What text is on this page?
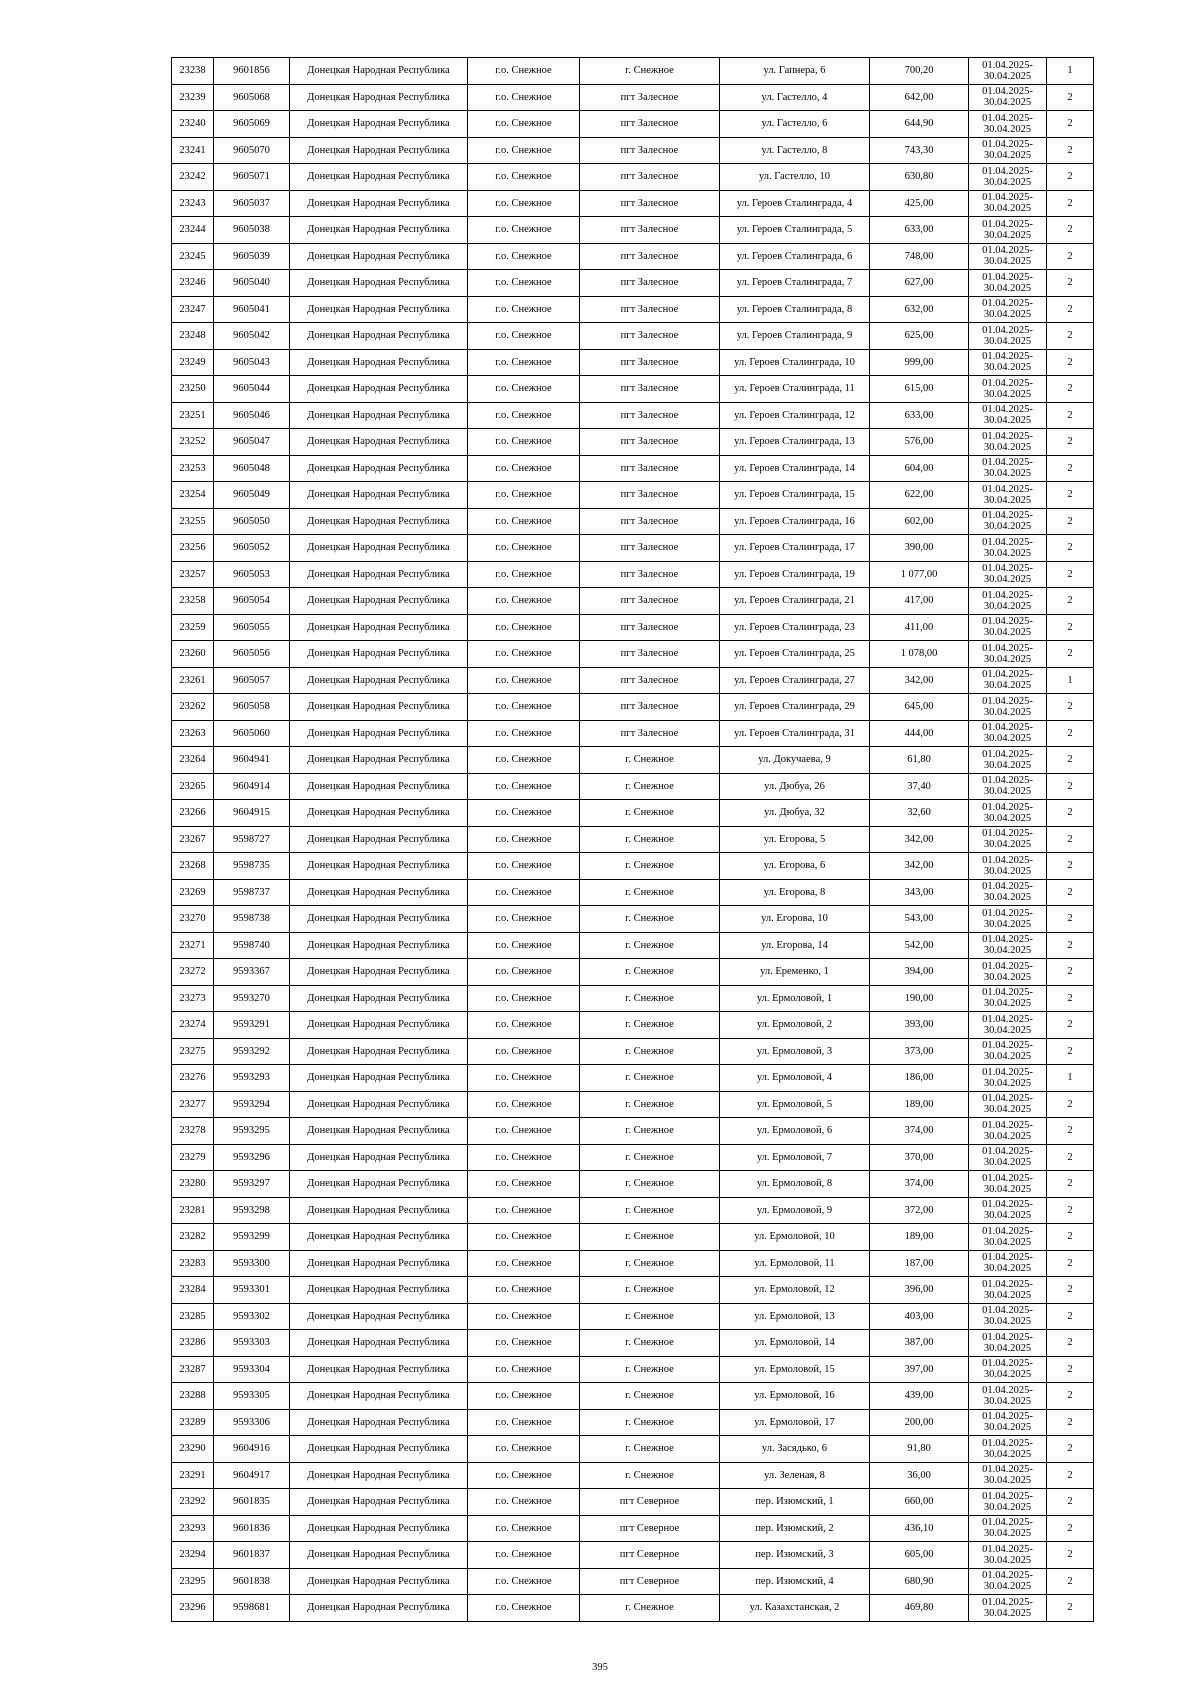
23238	9601856	Донецкая Народная Республика	г.о. Снежное	г. Снежное	ул. Гапнера, 6	700,20	01.04.2025-
30.04.2025	1
23239	9605068	Донецкая Народная Республика	г.о. Снежное	пгт Залесное	ул. Гастелло, 4	642,00	01.04.2025-
30.04.2025	2
23240	9605069	Донецкая Народная Республика	г.о. Снежное	пгт Залесное	ул. Гастелло, 6	644,90	01.04.2025-
30.04.2025	2
23241	9605070	Донецкая Народная Республика	г.о. Снежное	пгт Залесное	ул. Гастелло, 8	743,30	01.04.2025-
30.04.2025	2
23242	9605071	Донецкая Народная Республика	г.о. Снежное	пгт Залесное	ул. Гастелло, 10	630,80	01.04.2025-
30.04.2025	2
23243	9605037	Донецкая Народная Республика	г.о. Снежное	пгт Залесное	ул. Героев Сталинграда, 4	425,00	01.04.2025-
30.04.2025	2
23244	9605038	Донецкая Народная Республика	г.о. Снежное	пгт Залесное	ул. Героев Сталинграда, 5	633,00	01.04.2025-
30.04.2025	2
23245	9605039	Донецкая Народная Республика	г.о. Снежное	пгт Залесное	ул. Героев Сталинграда, 6	748,00	01.04.2025-
30.04.2025	2
23246	9605040	Донецкая Народная Республика	г.о. Снежное	пгт Залесное	ул. Героев Сталинграда, 7	627,00	01.04.2025-
30.04.2025	2
23247	9605041	Донецкая Народная Республика	г.о. Снежное	пгт Залесное	ул. Героев Сталинграда, 8	632,00	01.04.2025-
30.04.2025	2
23248	9605042	Донецкая Народная Республика	г.о. Снежное	пгт Залесное	ул. Героев Сталинграда, 9	625,00	01.04.2025-
30.04.2025	2
23249	9605043	Донецкая Народная Республика	г.о. Снежное	пгт Залесное	ул. Героев Сталинграда, 10	999,00	01.04.2025-
30.04.2025	2
23250	9605044	Донецкая Народная Республика	г.о. Снежное	пгт Залесное	ул. Героев Сталинграда, 11	615,00	01.04.2025-
30.04.2025	2
23251	9605046	Донецкая Народная Республика	г.о. Снежное	пгт Залесное	ул. Героев Сталинграда, 12	633,00	01.04.2025-
30.04.2025	2
23252	9605047	Донецкая Народная Республика	г.о. Снежное	пгт Залесное	ул. Героев Сталинграда, 13	576,00	01.04.2025-
30.04.2025	2
23253	9605048	Донецкая Народная Республика	г.о. Снежное	пгт Залесное	ул. Героев Сталинграда, 14	604,00	01.04.2025-
30.04.2025	2
23254	9605049	Донецкая Народная Республика	г.о. Снежное	пгт Залесное	ул. Героев Сталинграда, 15	622,00	01.04.2025-
30.04.2025	2
23255	9605050	Донецкая Народная Республика	г.о. Снежное	пгт Залесное	ул. Героев Сталинграда, 16	602,00	01.04.2025-
30.04.2025	2
23256	9605052	Донецкая Народная Республика	г.о. Снежное	пгт Залесное	ул. Героев Сталинграда, 17	390,00	01.04.2025-
30.04.2025	2
23257	9605053	Донецкая Народная Республика	г.о. Снежное	пгт Залесное	ул. Героев Сталинграда, 19	1 077,00	01.04.2025-
30.04.2025	2
23258	9605054	Донецкая Народная Республика	г.о. Снежное	пгт Залесное	ул. Героев Сталинграда, 21	417,00	01.04.2025-
30.04.2025	2
23259	9605055	Донецкая Народная Республика	г.о. Снежное	пгт Залесное	ул. Героев Сталинграда, 23	411,00	01.04.2025-
30.04.2025	2
23260	9605056	Донецкая Народная Республика	г.о. Снежное	пгт Залесное	ул. Героев Сталинграда, 25	1 078,00	01.04.2025-
30.04.2025	2
23261	9605057	Донецкая Народная Республика	г.о. Снежное	пгт Залесное	ул. Героев Сталинграда, 27	342,00	01.04.2025-
30.04.2025	1
23262	9605058	Донецкая Народная Республика	г.о. Снежное	пгт Залесное	ул. Героев Сталинграда, 29	645,00	01.04.2025-
30.04.2025	2
23263	9605060	Донецкая Народная Республика	г.о. Снежное	пгт Залесное	ул. Героев Сталинграда, 31	444,00	01.04.2025-
30.04.2025	2
23264	9604941	Донецкая Народная Республика	г.о. Снежное	г. Снежное	ул. Докучаева, 9	61,80	01.04.2025-
30.04.2025	2
23265	9604914	Донецкая Народная Республика	г.о. Снежное	г. Снежное	ул. Дюбуа, 26	37,40	01.04.2025-
30.04.2025	2
23266	9604915	Донецкая Народная Республика	г.о. Снежное	г. Снежное	ул. Дюбуа, 32	32,60	01.04.2025-
30.04.2025	2
23267	9598727	Донецкая Народная Республика	г.о. Снежное	г. Снежное	ул. Егорова, 5	342,00	01.04.2025-
30.04.2025	2
23268	9598735	Донецкая Народная Республика	г.о. Снежное	г. Снежное	ул. Егорова, 6	342,00	01.04.2025-
30.04.2025	2
23269	9598737	Донецкая Народная Республика	г.о. Снежное	г. Снежное	ул. Егорова, 8	343,00	01.04.2025-
30.04.2025	2
23270	9598738	Донецкая Народная Республика	г.о. Снежное	г. Снежное	ул. Егорова, 10	543,00	01.04.2025-
30.04.2025	2
23271	9598740	Донецкая Народная Республика	г.о. Снежное	г. Снежное	ул. Егорова, 14	542,00	01.04.2025-
30.04.2025	2
23272	9593367	Донецкая Народная Республика	г.о. Снежное	г. Снежное	ул. Еременко, 1	394,00	01.04.2025-
30.04.2025	2
23273	9593270	Донецкая Народная Республика	г.о. Снежное	г. Снежное	ул. Ермоловой, 1	190,00	01.04.2025-
30.04.2025	2
23274	9593291	Донецкая Народная Республика	г.о. Снежное	г. Снежное	ул. Ермоловой, 2	393,00	01.04.2025-
30.04.2025	2
23275	9593292	Донецкая Народная Республика	г.о. Снежное	г. Снежное	ул. Ермоловой, 3	373,00	01.04.2025-
30.04.2025	2
23276	9593293	Донецкая Народная Республика	г.о. Снежное	г. Снежное	ул. Ермоловой, 4	186,00	01.04.2025-
30.04.2025	1
23277	9593294	Донецкая Народная Республика	г.о. Снежное	г. Снежное	ул. Ермоловой, 5	189,00	01.04.2025-
30.04.2025	2
23278	9593295	Донецкая Народная Республика	г.о. Снежное	г. Снежное	ул. Ермоловой, 6	374,00	01.04.2025-
30.04.2025	2
23279	9593296	Донецкая Народная Республика	г.о. Снежное	г. Снежное	ул. Ермоловой, 7	370,00	01.04.2025-
30.04.2025	2
23280	9593297	Донецкая Народная Республика	г.о. Снежное	г. Снежное	ул. Ермоловой, 8	374,00	01.04.2025-
30.04.2025	2
23281	9593298	Донецкая Народная Республика	г.о. Снежное	г. Снежное	ул. Ермоловой, 9	372,00	01.04.2025-
30.04.2025	2
23282	9593299	Донецкая Народная Республика	г.о. Снежное	г. Снежное	ул. Ермоловой, 10	189,00	01.04.2025-
30.04.2025	2
23283	9593300	Донецкая Народная Республика	г.о. Снежное	г. Снежное	ул. Ермоловой, 11	187,00	01.04.2025-
30.04.2025	2
23284	9593301	Донецкая Народная Республика	г.о. Снежное	г. Снежное	ул. Ермоловой, 12	396,00	01.04.2025-
30.04.2025	2
23285	9593302	Донецкая Народная Республика	г.о. Снежное	г. Снежное	ул. Ермоловой, 13	403,00	01.04.2025-
30.04.2025	2
23286	9593303	Донецкая Народная Республика	г.о. Снежное	г. Снежное	ул. Ермоловой, 14	387,00	01.04.2025-
30.04.2025	2
23287	9593304	Донецкая Народная Республика	г.о. Снежное	г. Снежное	ул. Ермоловой, 15	397,00	01.04.2025-
30.04.2025	2
23288	9593305	Донецкая Народная Республика	г.о. Снежное	г. Снежное	ул. Ермоловой, 16	439,00	01.04.2025-
30.04.2025	2
23289	9593306	Донецкая Народная Республика	г.о. Снежное	г. Снежное	ул. Ермоловой, 17	200,00	01.04.2025-
30.04.2025	2
23290	9604916	Донецкая Народная Республика	г.о. Снежное	г. Снежное	ул. Засядько, 6	91,80	01.04.2025-
30.04.2025	2
23291	9604917	Донецкая Народная Республика	г.о. Снежное	г. Снежное	ул. Зеленая, 8	36,00	01.04.2025-
30.04.2025	2
23292	9601835	Донецкая Народная Республика	г.о. Снежное	пгт Северное	пер. Изюмский, 1	660,00	01.04.2025-
30.04.2025	2
23293	9601836	Донецкая Народная Республика	г.о. Снежное	пгт Северное	пер. Изюмский, 2	436,10	01.04.2025-
30.04.2025	2
23294	9601837	Донецкая Народная Республика	г.о. Снежное	пгт Северное	пер. Изюмский, 3	605,00	01.04.2025-
30.04.2025	2
23295	9601838	Донецкая Народная Республика	г.о. Снежное	пгт Северное	пер. Изюмский, 4	680,90	01.04.2025-
30.04.2025	2
23296	9598681	Донецкая Народная Республика	г.о. Снежное	г. Снежное	ул. Казахстанская, 2	469,80	01.04.2025-
30.04.2025	2
395
